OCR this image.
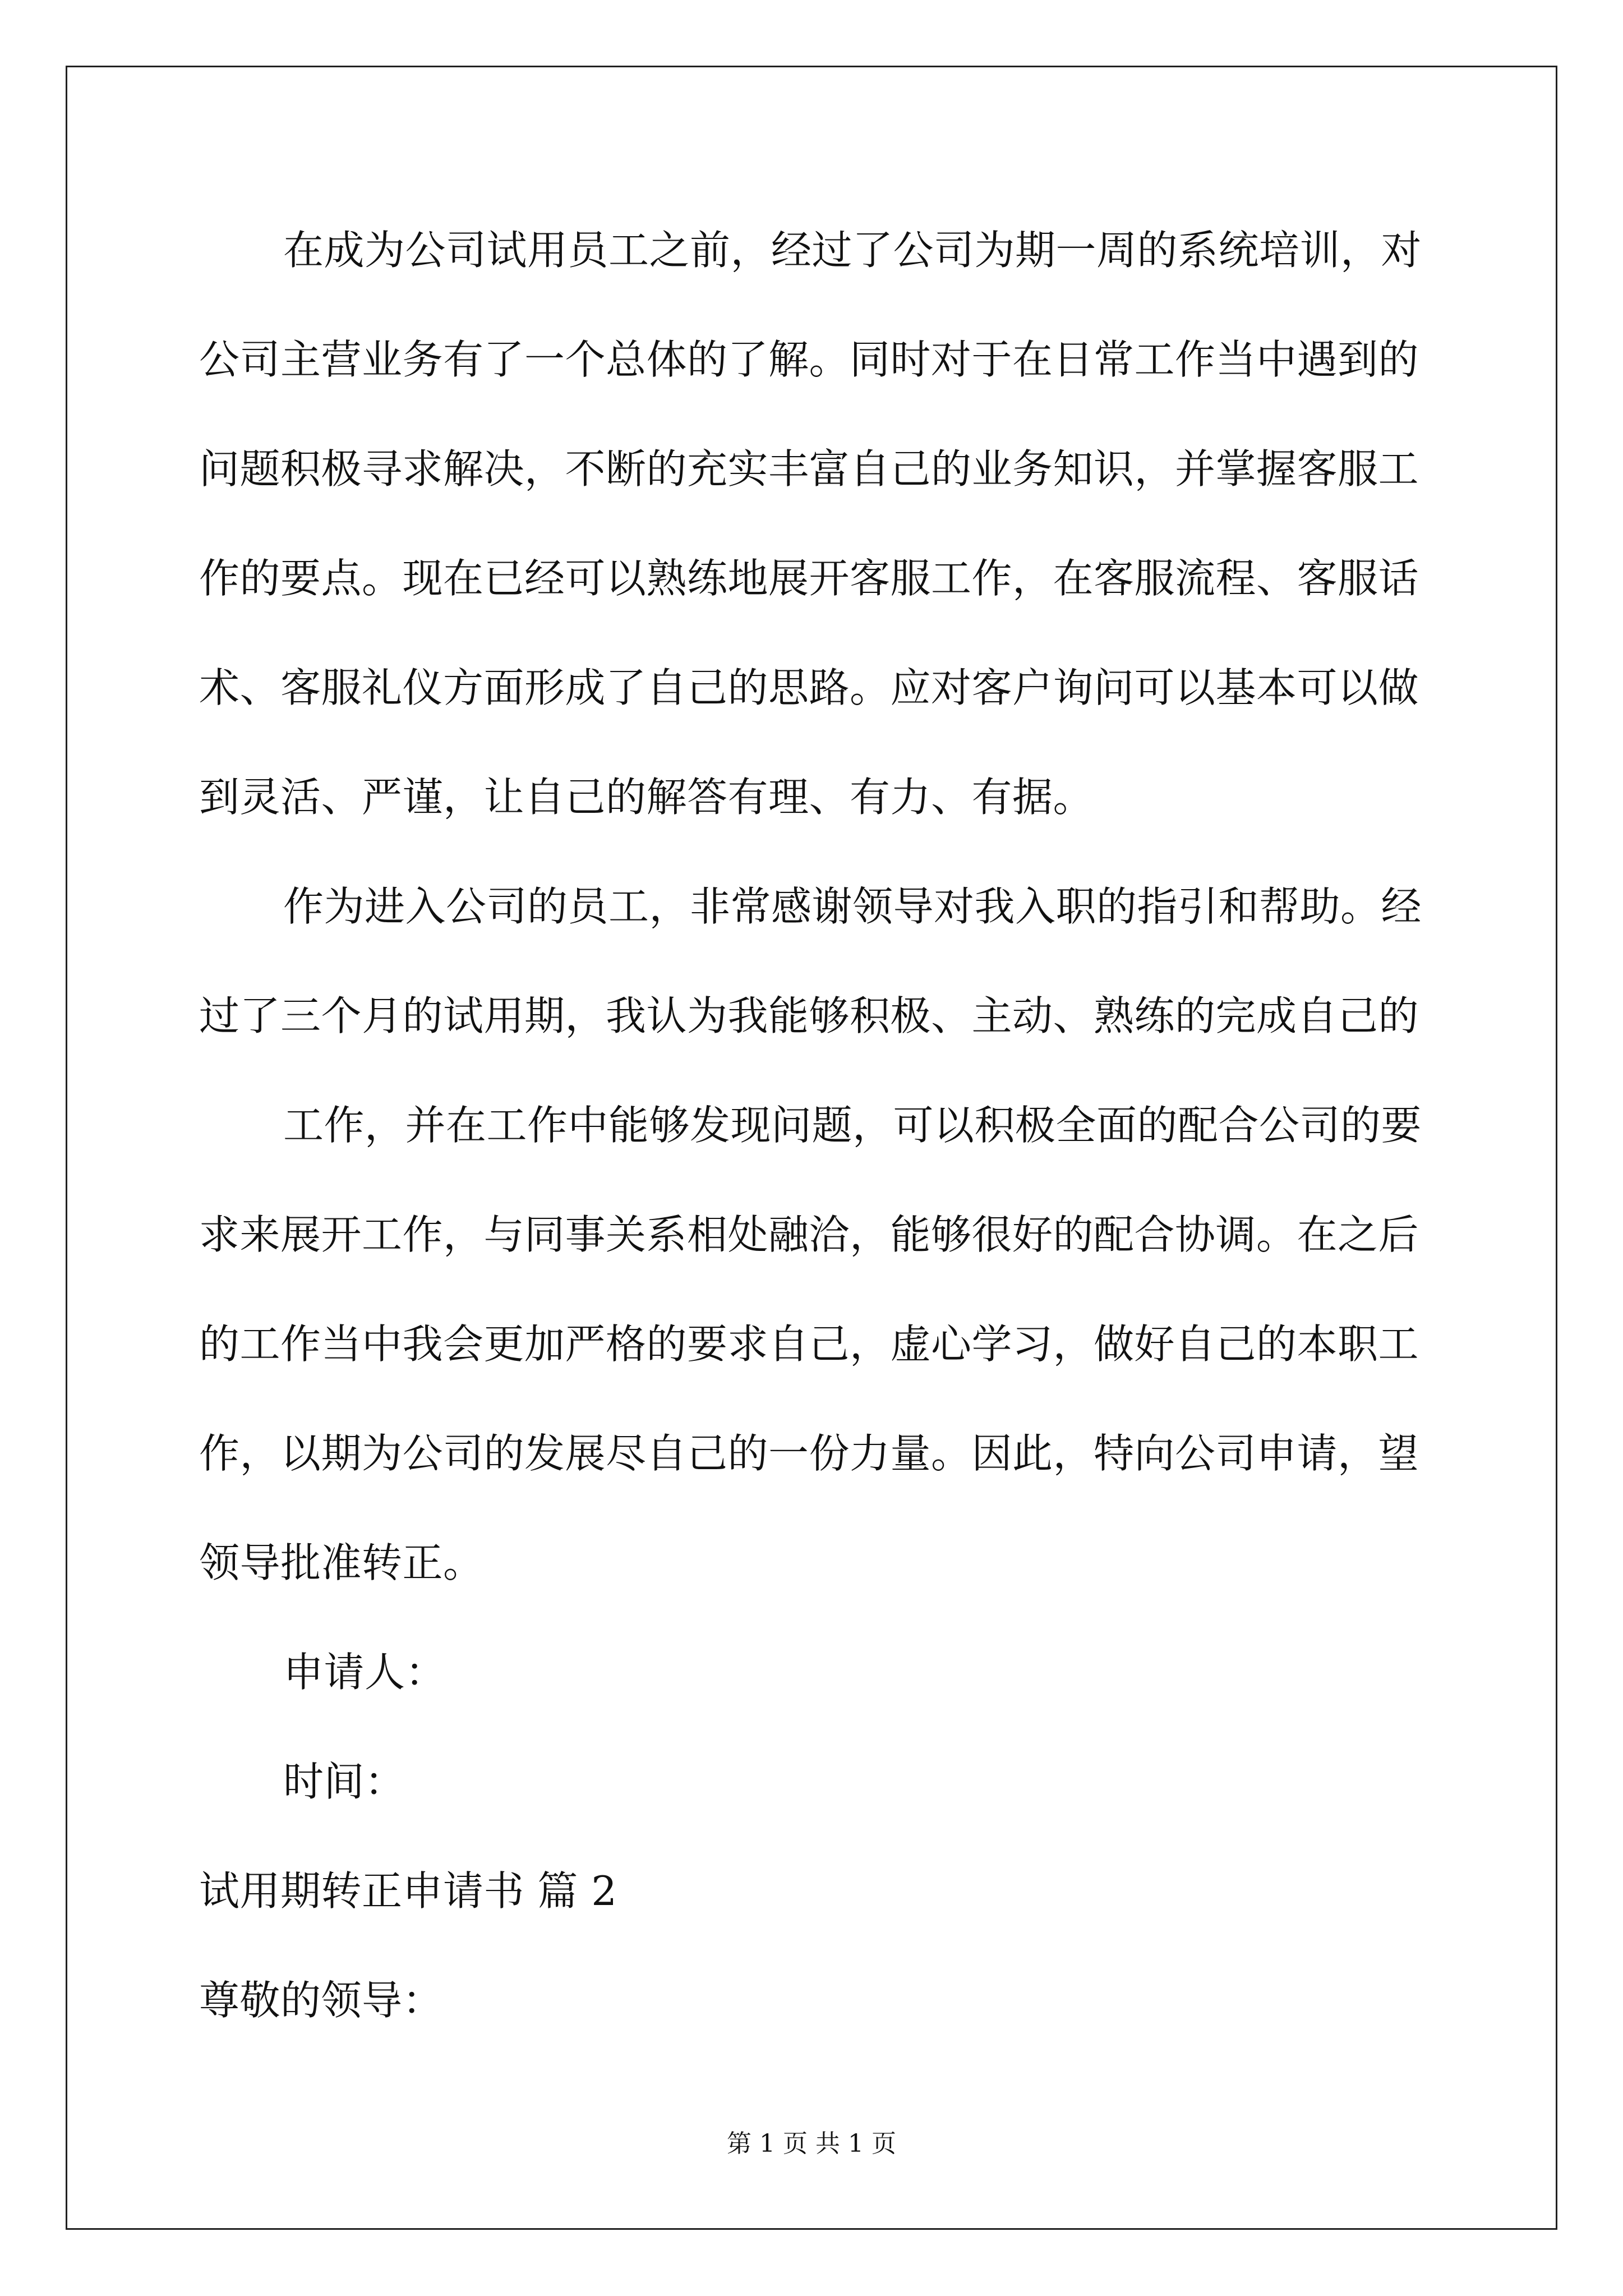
在成为公司试用员工之前，经过了公司为期一周的系统培训，对
公司主营业务有了一个总体的了解。同时对于在日常工作当中遇到的
问题积极寻求解决，不断的充实丰富自己的业务知识，并掌握客服工
作的要点。现在已经可以熟练地展开客服工作，在客服流程、客服话
术、客服礼仪方面形成了自己的思路。应对客户询问可以基本可以做
到灵活、严谨，让自己的解答有理、有力、有据。
作为进入公司的员工，非常感谢领导对我入职的指引和帮助。经
过了三个月的试用期，我认为我能够积极、主动、熟练的完成自己的
工作，并在工作中能够发现问题，可以积极全面的配合公司的要
求来展开工作，与同事关系相处融洽，能够很好的配合协调。在之后
的工作当中我会更加严格的要求自己，虚心学习，做好自己的本职工
作，以期为公司的发展尽自己的一份力量。因此，特向公司申请，望
领导批准转正。
申请人：
时间：
试用期转正申请书 篇 2
尊敬的领导：
第 1 页 共 1 页
